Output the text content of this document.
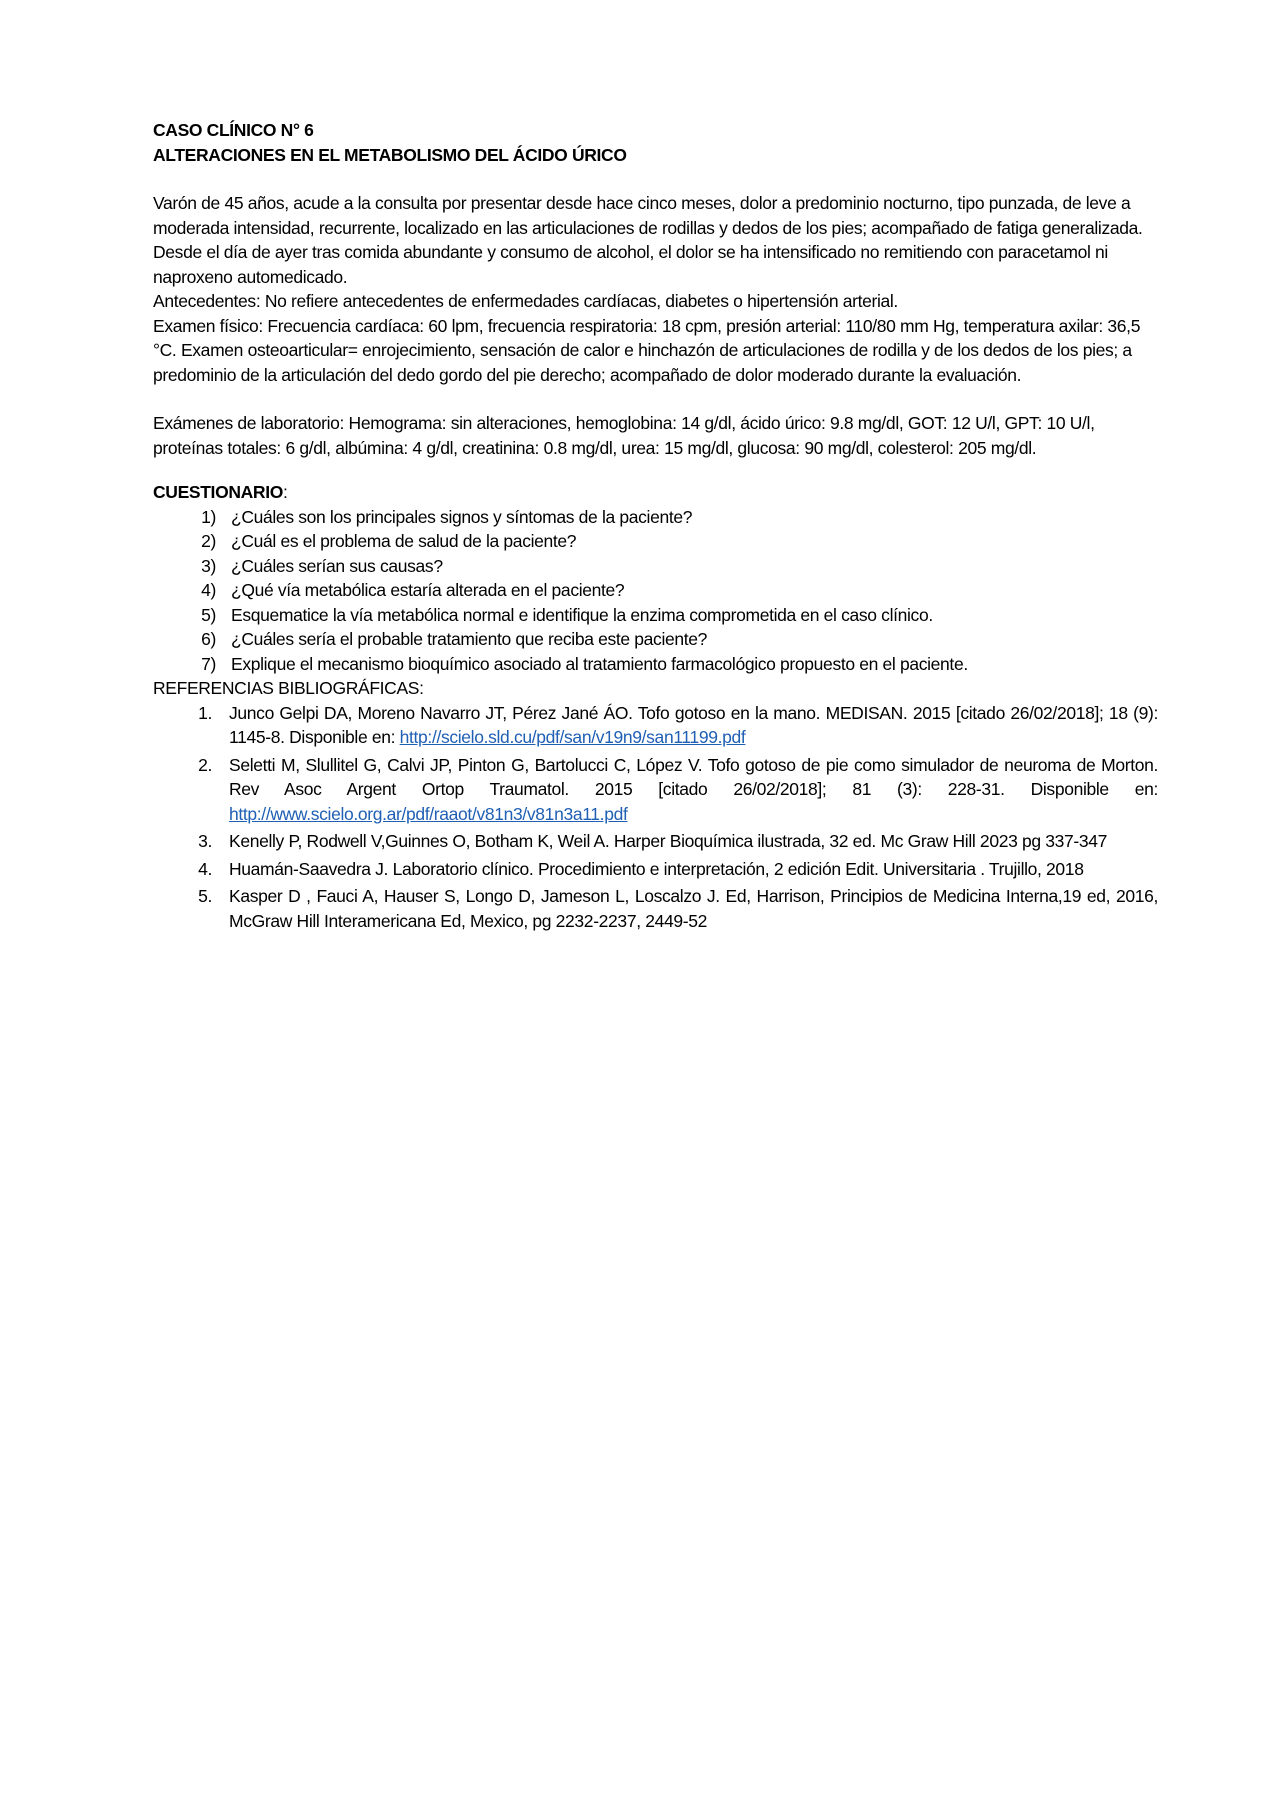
CASO CLÍNICO N° 6

ALTERACIONES EN EL METABOLISMO DEL ÁCIDO ÚRICO

Varón de 45 años, acude a la consulta por presentar desde hace cinco meses, dolor a predominio nocturno, tipo punzada, de leve a moderada intensidad, recurrente, localizado en las articulaciones de rodillas y dedos de los pies; acompañado de fatiga generalizada. Desde el día de ayer tras comida abundante y consumo de alcohol, el dolor se ha intensificado no remitiendo con paracetamol ni naproxeno automedicado.

Antecedentes: No refiere antecedentes de enfermedades cardíacas, diabetes o hipertensión arterial.

Examen físico: Frecuencia cardíaca: 60 lpm, frecuencia respiratoria: 18 cpm, presión arterial: 110/80 mm Hg, temperatura axilar: 36,5 °C. Examen osteoarticular= enrojecimiento, sensación de calor e hinchazón de articulaciones de rodilla y de los dedos de los pies; a predominio de la articulación del dedo gordo del pie derecho; acompañado de dolor moderado durante la evaluación.

Exámenes de laboratorio: Hemograma: sin alteraciones, hemoglobina: 14 g/dl, ácido úrico: 9.8 mg/dl, GOT: 12 U/l, GPT: 10 U/l, proteínas totales: 6 g/dl, albúmina: 4 g/dl, creatinina: 0.8 mg/dl, urea: 15 mg/dl, glucosa: 90 mg/dl, colesterol: 205 mg/dl.

CUESTIONARIO:

1) ¿Cuáles son los principales signos y síntomas de la paciente?
2) ¿Cuál es el problema de salud de la paciente?
3) ¿Cuáles serían sus causas?
4) ¿Qué vía metabólica estaría alterada en el paciente?
5) Esquematice la vía metabólica normal e identifique la enzima comprometida en el caso clínico.
6) ¿Cuáles sería el probable tratamiento que reciba este paciente?
7) Explique el mecanismo bioquímico asociado al tratamiento farmacológico propuesto en el paciente.

REFERENCIAS BIBLIOGRÁFICAS:

1. Junco Gelpi DA, Moreno Navarro JT, Pérez Jané ÁO. Tofo gotoso en la mano. MEDISAN. 2015 [citado 26/02/2018]; 18 (9): 1145-8. Disponible en: http://scielo.sld.cu/pdf/san/v19n9/san11199.pdf
2. Seletti M, Slullitel G, Calvi JP, Pinton G, Bartolucci C, López V. Tofo gotoso de pie como simulador de neuroma de Morton. Rev Asoc Argent Ortop Traumatol. 2015 [citado 26/02/2018]; 81 (3): 228-31. Disponible en: http://www.scielo.org.ar/pdf/raaot/v81n3/v81n3a11.pdf
3. Kenelly P, Rodwell V,Guinnes O, Botham K, Weil A. Harper Bioquímica ilustrada, 32 ed. Mc Graw Hill 2023 pg 337-347
4. Huamán-Saavedra J. Laboratorio clínico. Procedimiento e interpretación, 2 edición Edit. Universitaria . Trujillo, 2018
5. Kasper D , Fauci A, Hauser S, Longo D, Jameson L, Loscalzo J. Ed, Harrison, Principios de Medicina Interna,19 ed, 2016, McGraw Hill Interamericana Ed, Mexico, pg 2232-2237, 2449-52
